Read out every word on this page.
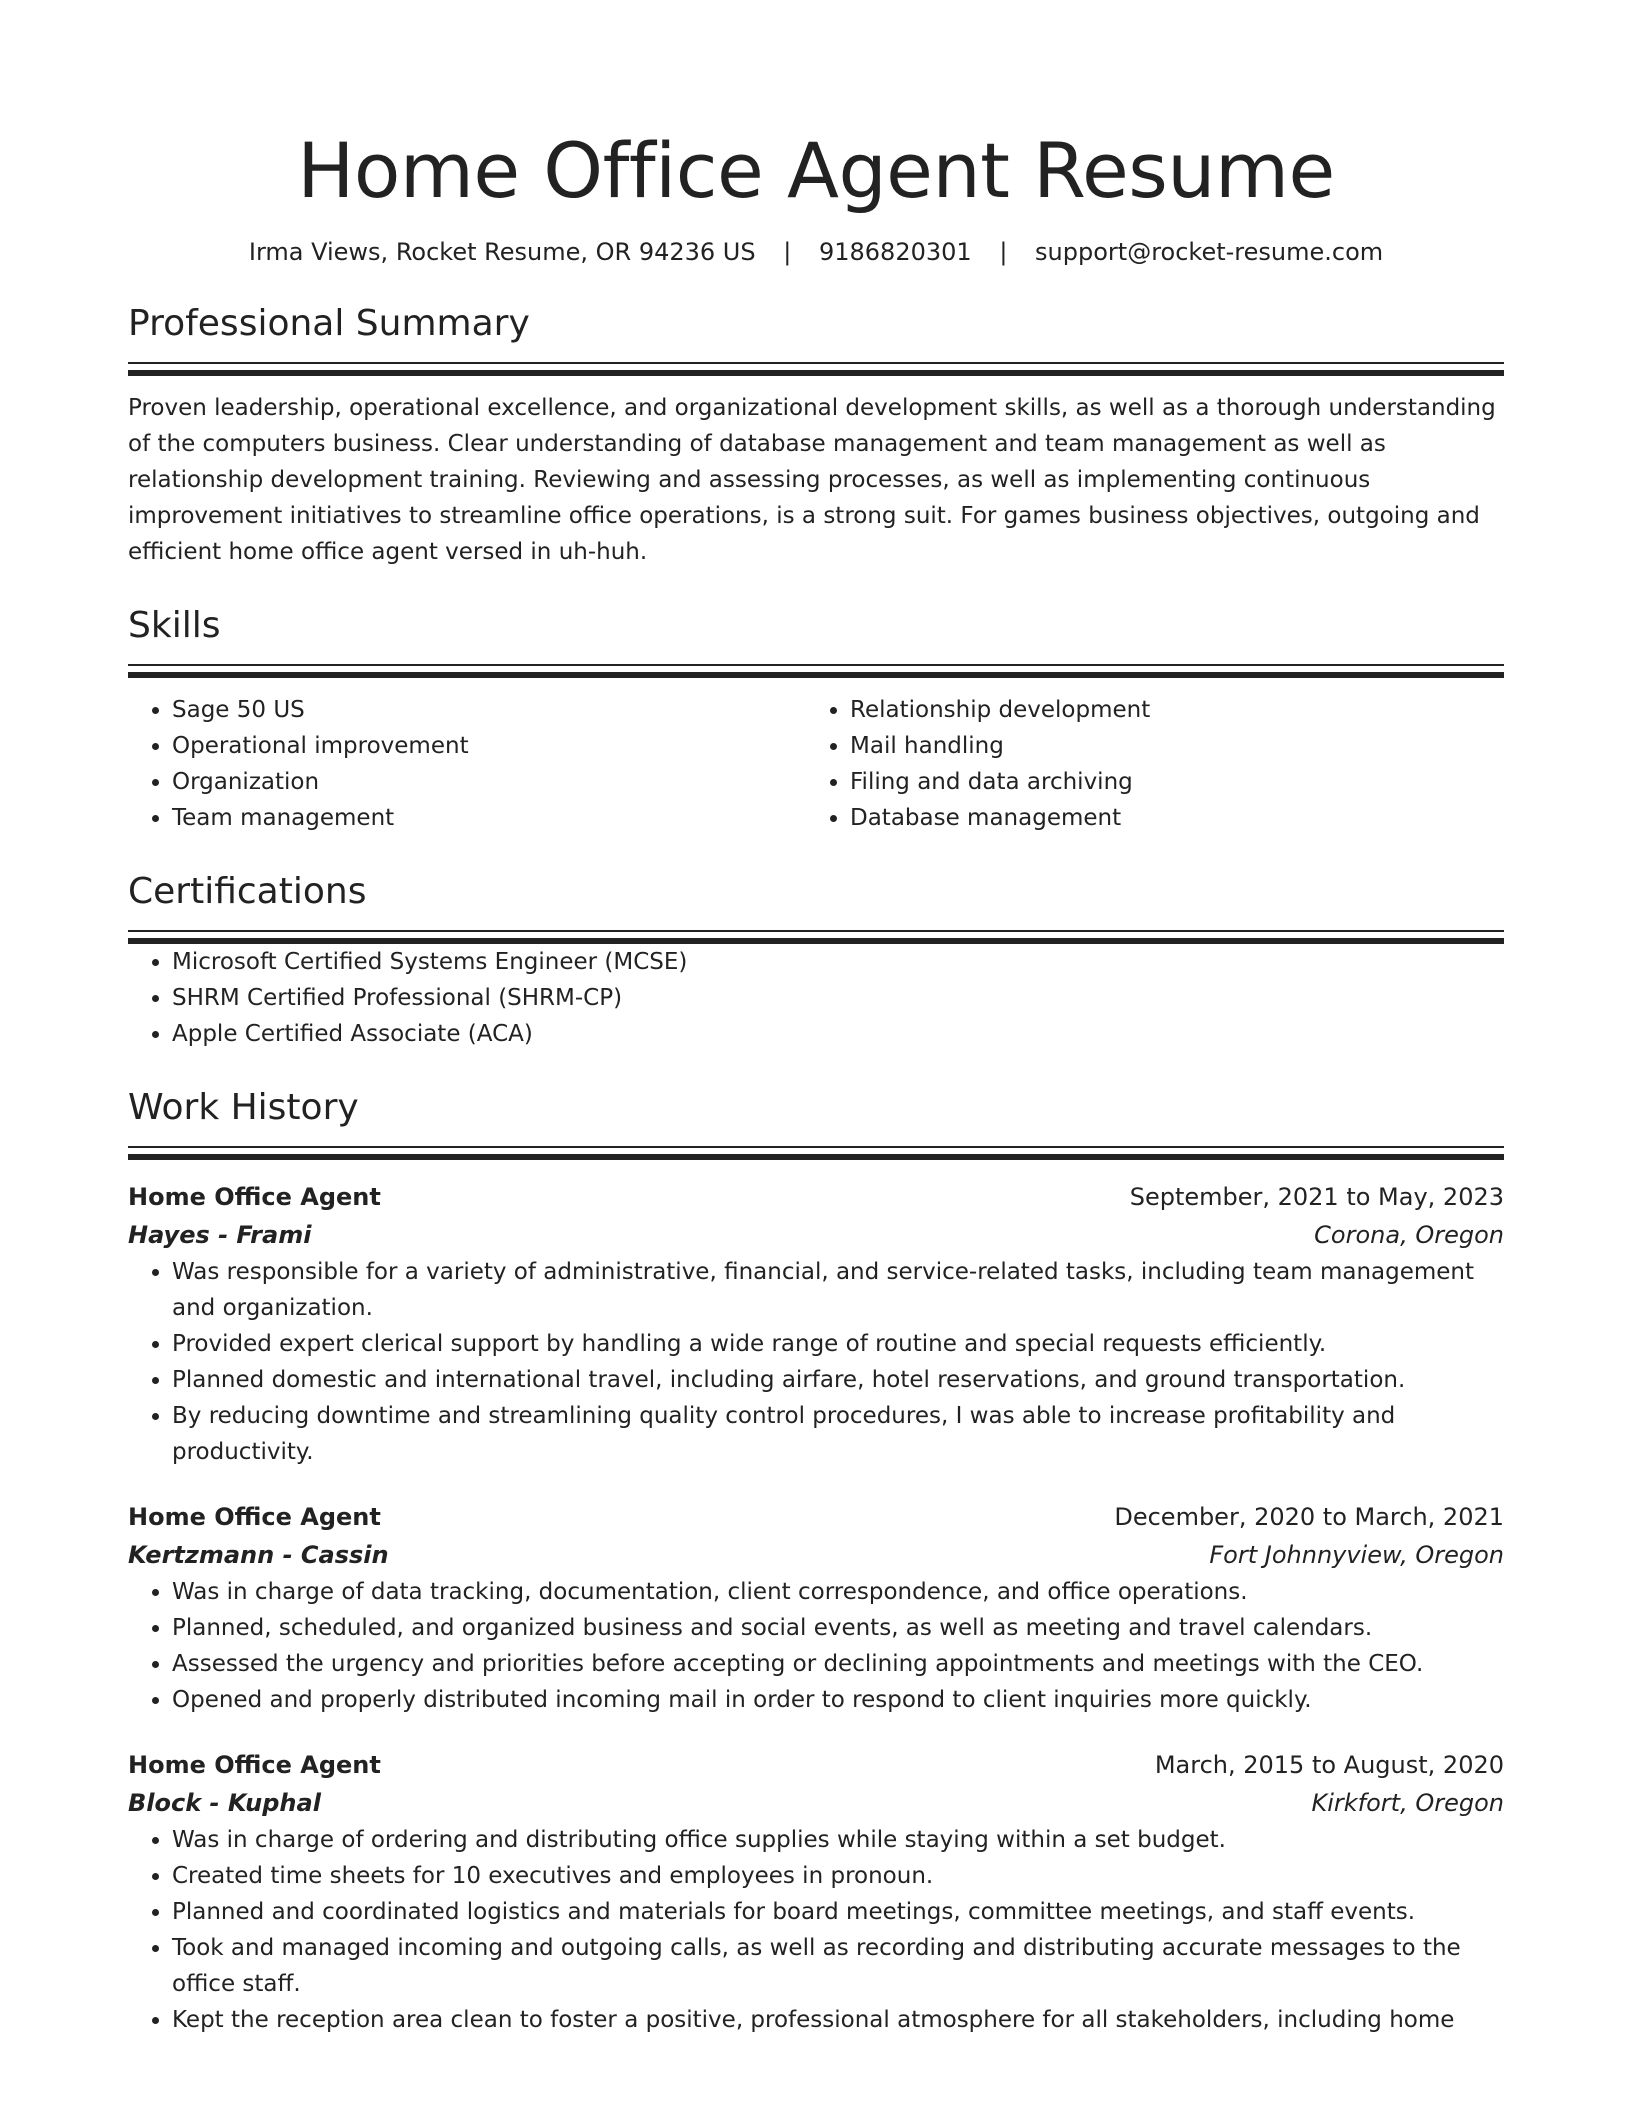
Home Office Agent Resume
Irma Views, Rocket Resume, OR 94236 US | 9186820301 | support@rocket-resume.com
Professional Summary
Proven leadership, operational excellence, and organizational development skills, as well as a thorough understanding of the computers business. Clear understanding of database management and team management as well as relationship development training. Reviewing and assessing processes, as well as implementing continuous improvement initiatives to streamline office operations, is a strong suit. For games business objectives, outgoing and efficient home office agent versed in uh-huh.
Skills
• Sage 50 US
• Operational improvement
• Organization
• Team management
• Relationship development
• Mail handling
• Filing and data archiving
• Database management
Certifications
• Microsoft Certified Systems Engineer (MCSE)
• SHRM Certified Professional (SHRM-CP)
• Apple Certified Associate (ACA)
Work History
Home Office Agent	September, 2021 to May, 2023
Hayes - Frami	Corona, Oregon
• Was responsible for a variety of administrative, financial, and service-related tasks, including team management and organization.
• Provided expert clerical support by handling a wide range of routine and special requests efficiently.
• Planned domestic and international travel, including airfare, hotel reservations, and ground transportation.
• By reducing downtime and streamlining quality control procedures, I was able to increase profitability and productivity.
Home Office Agent	December, 2020 to March, 2021
Kertzmann - Cassin	Fort Johnnyview, Oregon
• Was in charge of data tracking, documentation, client correspondence, and office operations.
• Planned, scheduled, and organized business and social events, as well as meeting and travel calendars.
• Assessed the urgency and priorities before accepting or declining appointments and meetings with the CEO.
• Opened and properly distributed incoming mail in order to respond to client inquiries more quickly.
Home Office Agent	March, 2015 to August, 2020
Block - Kuphal	Kirkfort, Oregon
• Was in charge of ordering and distributing office supplies while staying within a set budget.
• Created time sheets for 10 executives and employees in pronoun.
• Planned and coordinated logistics and materials for board meetings, committee meetings, and staff events.
• Took and managed incoming and outgoing calls, as well as recording and distributing accurate messages to the office staff.
• Kept the reception area clean to foster a positive, professional atmosphere for all stakeholders, including home
